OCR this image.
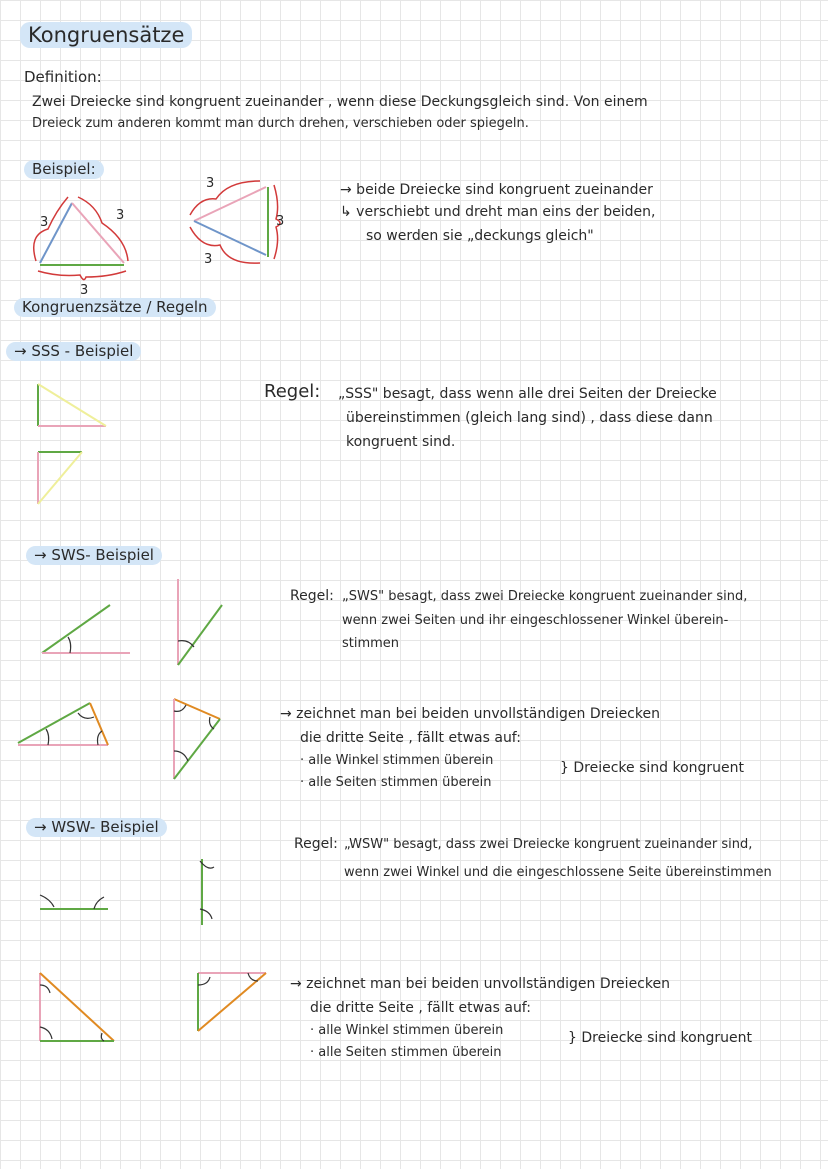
Kongruensätze
Definition:
Zwei Dreiecke sind kongruent zueinander , wenn diese Deckungsgleich sind. Von einem
Dreieck zum anderen kommt man durch drehen, verschieben oder spiegeln.
Beispiel:
3	3
3
3
3
3
→ beide Dreiecke sind kongruent zueinander
↳ verschiebt und dreht man eins der beiden,
so werden sie „deckungs gleich"
Kongruenzsätze / Regeln
→ SSS - Beispiel
Regel: „SSS" besagt, dass wenn alle drei Seiten der Dreiecke
übereinstimmen (gleich lang sind) , dass diese dann
kongruent sind.
→ SWS- Beispiel
Regel: „SWS" besagt, dass zwei Dreiecke kongruent zueinander sind,
wenn zwei Seiten und ihr eingeschlossener Winkel überein-
stimmen
→ zeichnet man bei beiden unvollständigen Dreiecken
die dritte Seite , fällt etwas auf:
· alle Winkel stimmen überein
· alle Seiten stimmen überein
} Dreiecke sind kongruent
→ WSW- Beispiel
Regel: „WSW" besagt, dass zwei Dreiecke kongruent zueinander sind,
wenn zwei Winkel und die eingeschlossene Seite übereinstimmen
→ zeichnet man bei beiden unvollständigen Dreiecken
die dritte Seite , fällt etwas auf:
· alle Winkel stimmen überein
· alle Seiten stimmen überein
} Dreiecke sind kongruent
